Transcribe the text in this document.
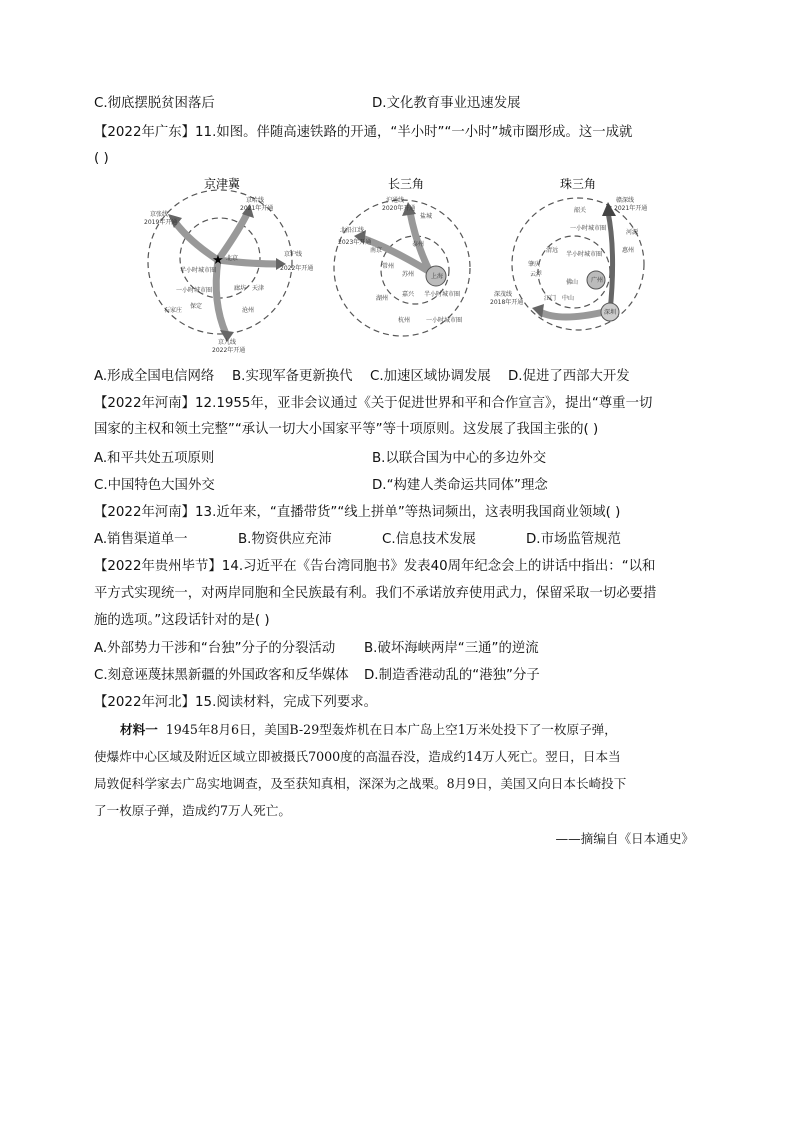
C.彻底摆脱贫困落后	D.文化教育事业迅速发展
【2022年广东】11.如图。伴随高速铁路的开通，“半小时”“一小时”城市圈形成。这一成就
( )
京津冀
★
京张线
2019年开通
京哈线
2021年开通
京沪线
2022年开通
北京
半小时城市圈
一小时城市圈	廊坊 天津
保定
沧州
石家庄
京九线
2022年开通
长三角
沪通线
2020年开通
北沿江线
2023年开通
盐城
泰州
南京
常州
苏州	上海
半小时城市圈
嘉兴
湖州
杭州	一小时城市圈
珠三角
赣深线
2021年开通
惠州
河源
韶关
一小时城市圈
清远
肇庆
半小时城市圈
云浮
佛山 广州
深茂线
2018年开通
江门 中山
深圳
A.形成全国电信网络 B.实现军备更新换代 C.加速区域协调发展 D.促进了西部大开发
【2022年河南】12.1955年，亚非会议通过《关于促进世界和平和合作宣言》，提出“尊重一切
国家的主权和领土完整”“承认一切大小国家平等”等十项原则。这发展了我国主张的( )
A.和平共处五项原则	B.以联合国为中心的多边外交
C.中国特色大国外交	D.“构建人类命运共同体”理念
【2022年河南】13.近年来，“直播带货”“线上拼单”等热词频出，这表明我国商业领域( )
A.销售渠道单一	B.物资供应充沛	C.信息技术发展	D.市场监管规范
【2022年贵州毕节】14.习近平在《告台湾同胞书》发表40周年纪念会上的讲话中指出：“以和
平方式实现统一，对两岸同胞和全民族最有利。我们不承诺放弃使用武力，保留采取一切必要措
施的选项。”这段话针对的是( )
A.外部势力干涉和“台独”分子的分裂活动 B.破坏海峡两岸“三通”的逆流
C.刻意诬蔑抹黑新疆的外国政客和反华媒体 D.制造香港动乱的“港独”分子
【2022年河北】15.阅读材料，完成下列要求。
材料一 1945年8月6日，美国B-29型轰炸机在日本广岛上空1万米处投下了一枚原子弹，
使爆炸中心区域及附近区域立即被摄氏7000度的高温吞没，造成约14万人死亡。翌日，日本当
局敦促科学家去广岛实地调查，及至获知真相，深深为之战栗。8月9日，美国又向日本长崎投下
了一枚原子弹，造成约7万人死亡。
——摘编自《日本通史》
